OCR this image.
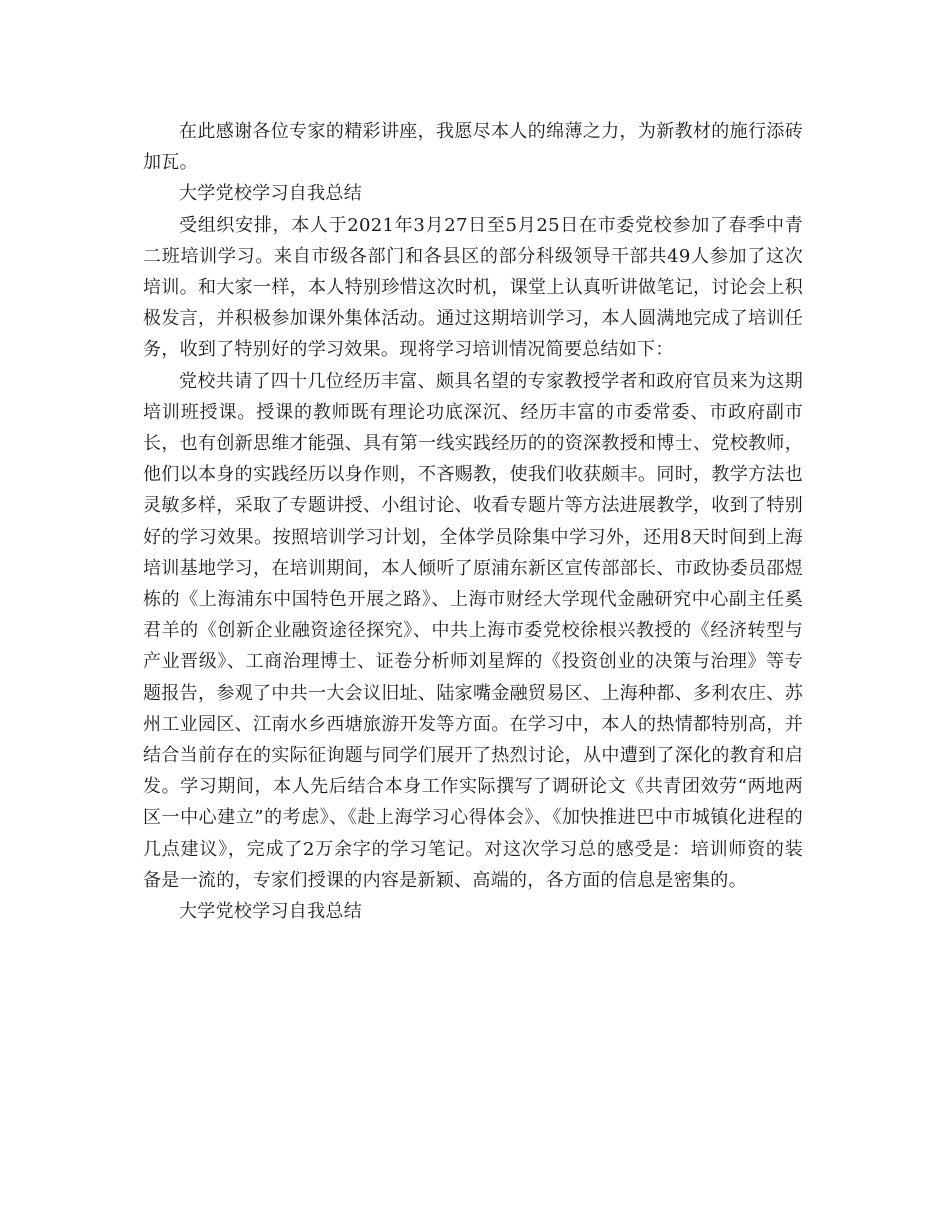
在此感谢各位专家的精彩讲座，我愿尽本人的绵薄之力，为新教材的施行添砖加瓦。

大学党校学习自我总结

受组织安排，本人于2021年3月27日至5月25日在市委党校参加了春季中青二班培训学习。来自市级各部门和各县区的部分科级领导干部共49人参加了这次培训。和大家一样，本人特别珍惜这次时机，课堂上认真听讲做笔记，讨论会上积极发言，并积极参加课外集体活动。通过这期培训学习，本人圆满地完成了培训任务，收到了特别好的学习效果。现将学习培训情况简要总结如下：

党校共请了四十几位经历丰富、颇具名望的专家教授学者和政府官员来为这期培训班授课。授课的教师既有理论功底深沉、经历丰富的市委常委、市政府副市长，也有创新思维才能强、具有第一线实践经历的的资深教授和博士、党校教师，他们以本身的实践经历以身作则，不吝赐教，使我们收获颇丰。同时，教学方法也灵敏多样，采取了专题讲授、小组讨论、收看专题片等方法进展教学，收到了特别好的学习效果。按照培训学习计划，全体学员除集中学习外，还用8天时间到上海培训基地学习，在培训期间，本人倾听了原浦东新区宣传部部长、市政协委员邵煜栋的《上海浦东中国特色开展之路》、上海市财经大学现代金融研究中心副主任奚君羊的《创新企业融资途径探究》、中共上海市委党校徐根兴教授的《经济转型与产业晋级》、工商治理博士、证卷分析师刘星辉的《投资创业的决策与治理》等专题报告，参观了中共一大会议旧址、陆家嘴金融贸易区、上海种都、多利农庄、苏州工业园区、江南水乡西塘旅游开发等方面。在学习中，本人的热情都特别高，并结合当前存在的实际征询题与同学们展开了热烈讨论，从中遭到了深化的教育和启发。学习期间，本人先后结合本身工作实际撰写了调研论文《共青团效劳“两地两区一中心建立”的考虑》、《赴上海学习心得体会》、《加快推进巴中市城镇化进程的几点建议》，完成了2万余字的学习笔记。对这次学习总的感受是：培训师资的装备是一流的，专家们授课的内容是新颖、高端的，各方面的信息是密集的。

大学党校学习自我总结
